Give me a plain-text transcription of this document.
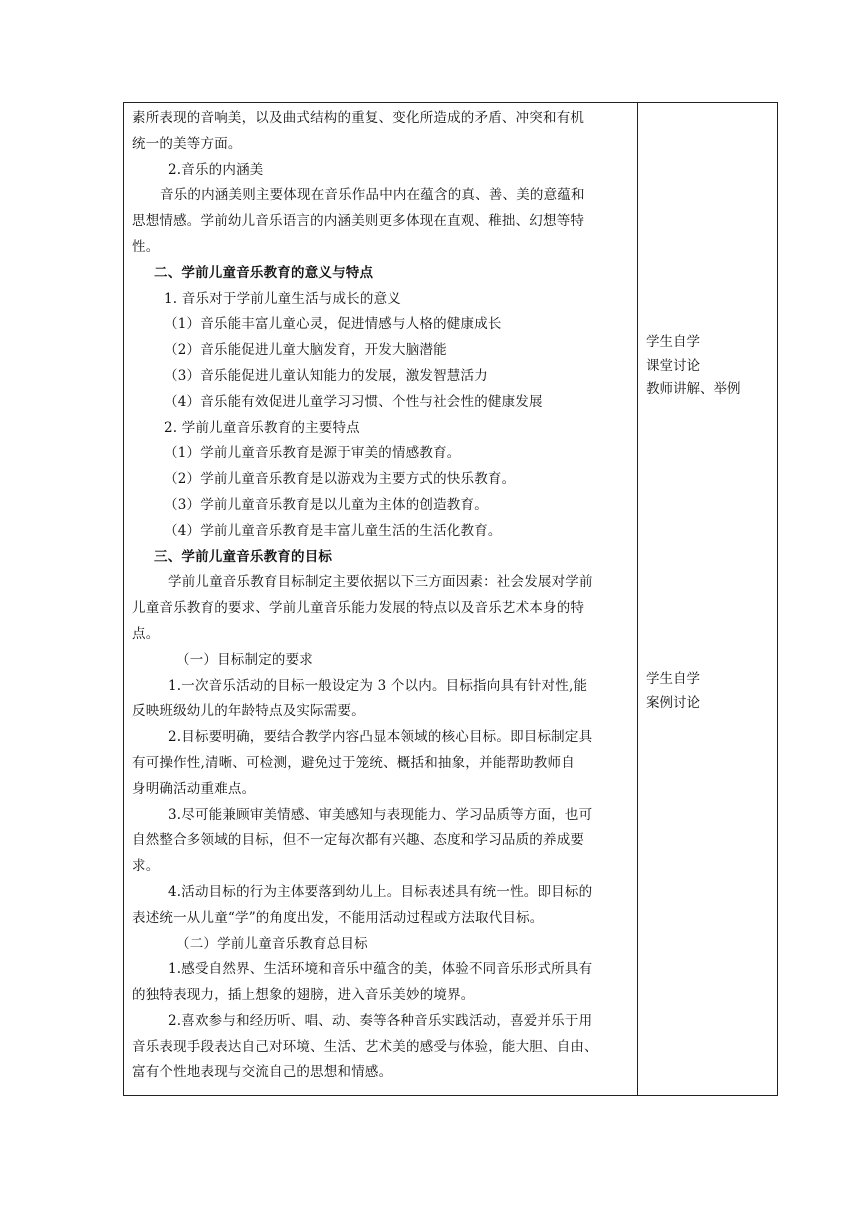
素所表现的音响美，以及曲式结构的重复、变化所造成的矛盾、冲突和有机

统一的美等方面。

2.音乐的内涵美

音乐的内涵美则主要体现在音乐作品中内在蕴含的真、善、美的意蕴和

思想情感。学前幼儿音乐语言的内涵美则更多体现在直观、稚拙、幻想等特

性。

二、学前儿童音乐教育的意义与特点

1. 音乐对于学前儿童生活与成长的意义

（1）音乐能丰富儿童心灵，促进情感与人格的健康成长

（2）音乐能促进儿童大脑发育，开发大脑潜能

（3）音乐能促进儿童认知能力的发展，激发智慧活力

（4）音乐能有效促进儿童学习习惯、个性与社会性的健康发展

2. 学前儿童音乐教育的主要特点

（1）学前儿童音乐教育是源于审美的情感教育。

（2）学前儿童音乐教育是以游戏为主要方式的快乐教育。

（3）学前儿童音乐教育是以儿童为主体的创造教育。

（4）学前儿童音乐教育是丰富儿童生活的生活化教育。

三、学前儿童音乐教育的目标

学前儿童音乐教育目标制定主要依据以下三方面因素：社会发展对学前

儿童音乐教育的要求、学前儿童音乐能力发展的特点以及音乐艺术本身的特

点。

（一）目标制定的要求

1.一次音乐活动的目标一般设定为 3 个以内。目标指向具有针对性,能

反映班级幼儿的年龄特点及实际需要。

2.目标要明确，要结合教学内容凸显本领域的核心目标。即目标制定具

有可操作性,清晰、可检测，避免过于笼统、概括和抽象，并能帮助教师自

身明确活动重难点。

3.尽可能兼顾审美情感、审美感知与表现能力、学习品质等方面，也可

自然整合多领域的目标，但不一定每次都有兴趣、态度和学习品质的养成要

求。

4.活动目标的行为主体要落到幼儿上。目标表述具有统一性。即目标的

表述统一从儿童“学”的角度出发，不能用活动过程或方法取代目标。

（二）学前儿童音乐教育总目标

1.感受自然界、生活环境和音乐中蕴含的美，体验不同音乐形式所具有

的独特表现力，插上想象的翅膀，进入音乐美妙的境界。

2.喜欢参与和经历听、唱、动、奏等各种音乐实践活动，喜爱并乐于用

音乐表现手段表达自己对环境、生活、艺术美的感受与体验，能大胆、自由、

富有个性地表现与交流自己的思想和情感。

学生自学
课堂讨论
教师讲解、举例
学生自学
案例讨论
